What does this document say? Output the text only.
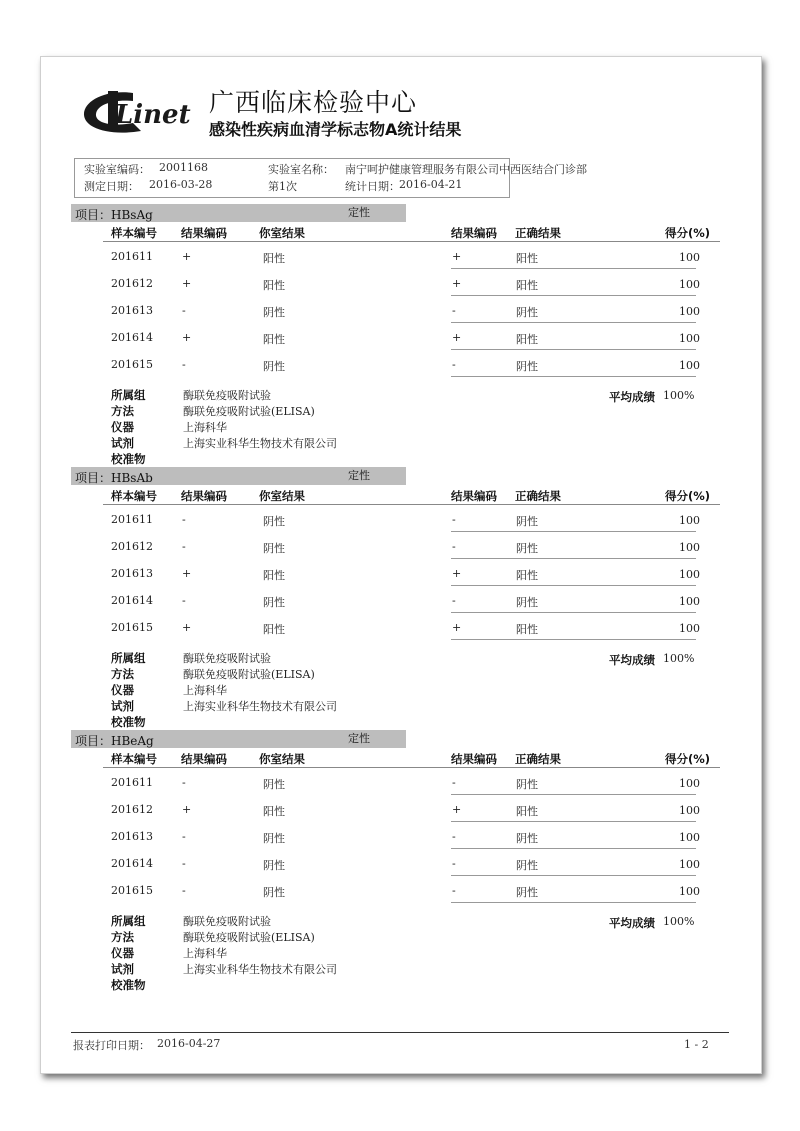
Linet 广西临床检验中心
感染性疾病血清学标志物A统计结果
实验室编码： 2001168	实验室名称： 南宁呵护健康管理服务有限公司中西医结合门诊部
测定日期： 2016-03-28	第1次	统计日期： 2016-04-21
项目：HBsAg	定性
样本编号 结果编码	你室结果	结果编码 正确结果	得分(%)
201611	+	阳性	+	阳性	100
201612	+	阳性	+	阳性	100
201613	-	阴性	-	阴性	100
201614	+	阳性	+	阳性	100
201615	-	阴性	-	阴性	100
所属组	酶联免疫吸附试验
方法	酶联免疫吸附试验(ELISA)
仪器	上海科华
试剂	上海实业科华生物技术有限公司
校准物
平均成绩 100%
项目：HBsAb	定性
样本编号 结果编码	你室结果	结果编码 正确结果	得分(%)
201611	-	阴性	-	阴性	100
201612	-	阴性	-	阴性	100
201613	+	阳性	+	阳性	100
201614	-	阴性	-	阴性	100
201615	+	阳性	+	阳性	100
所属组	酶联免疫吸附试验
方法	酶联免疫吸附试验(ELISA)
仪器	上海科华
试剂	上海实业科华生物技术有限公司
校准物
平均成绩 100%
项目：HBeAg	定性
样本编号 结果编码	你室结果	结果编码 正确结果	得分(%)
201611	-	阴性	-	阴性	100
201612	+	阳性	+	阳性	100
201613	-	阴性	-	阴性	100
201614	-	阴性	-	阴性	100
201615	-	阴性	-	阴性	100
所属组	酶联免疫吸附试验
方法	酶联免疫吸附试验(ELISA)
仪器	上海科华
试剂	上海实业科华生物技术有限公司
校准物
平均成绩 100%
报表打印日期： 2016-04-27	1 - 2
